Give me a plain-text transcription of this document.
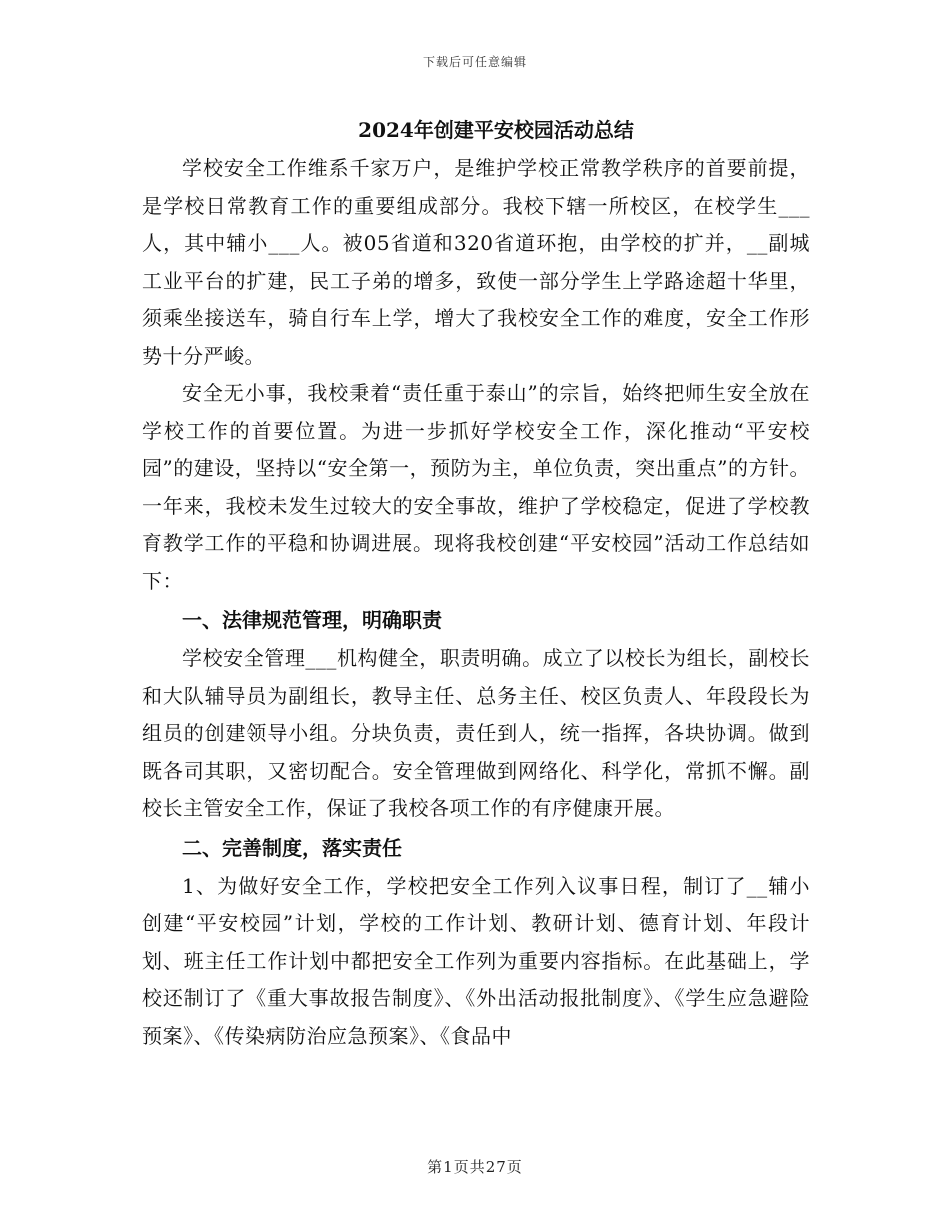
下载后可任意编辑
2024年创建平安校园活动总结

学校安全工作维系千家万户，是维护学校正常教学秩序的首要前提，是学校日常教育工作的重要组成部分。我校下辖一所校区，在校学生___人，其中辅小___人。被05省道和320省道环抱，由学校的扩并，__副城工业平台的扩建，民工子弟的增多，致使一部分学生上学路途超十华里，须乘坐接送车，骑自行车上学，增大了我校安全工作的难度，安全工作形势十分严峻。

安全无小事，我校秉着“责任重于泰山”的宗旨，始终把师生安全放在学校工作的首要位置。为进一步抓好学校安全工作，深化推动“平安校园”的建设，坚持以“安全第一，预防为主，单位负责，突出重点”的方针。一年来，我校未发生过较大的安全事故，维护了学校稳定，促进了学校教育教学工作的平稳和协调进展。现将我校创建“平安校园”活动工作总结如下：

一、法律规范管理，明确职责

学校安全管理___机构健全，职责明确。成立了以校长为组长，副校长和大队辅导员为副组长，教导主任、总务主任、校区负责人、年段段长为组员的创建领导小组。分块负责，责任到人，统一指挥，各块协调。做到既各司其职，又密切配合。安全管理做到网络化、科学化，常抓不懈。副校长主管安全工作，保证了我校各项工作的有序健康开展。

二、完善制度，落实责任

1、为做好安全工作，学校把安全工作列入议事日程，制订了__辅小创建“平安校园”计划，学校的工作计划、教研计划、德育计划、年段计划、班主任工作计划中都把安全工作列为重要内容指标。在此基础上，学校还制订了《重大事故报告制度》、《外出活动报批制度》、《学生应急避险预案》、《传染病防治应急预案》、《食品中

第1页共27页
